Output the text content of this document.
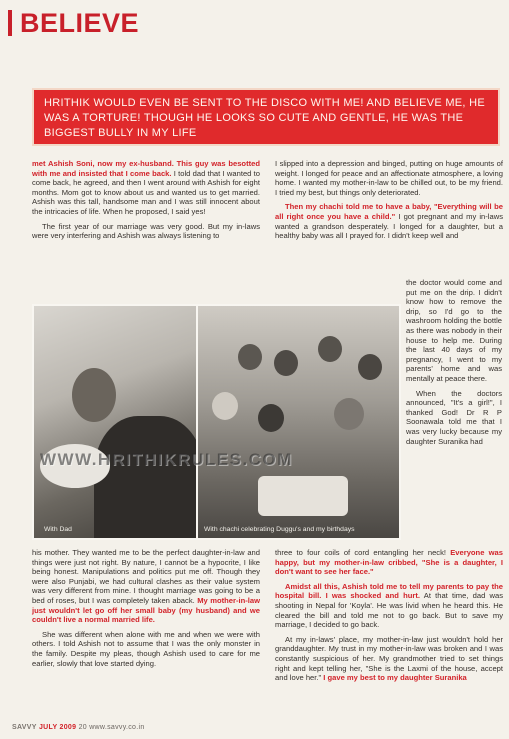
BELIEVE

HRITHIK WOULD EVEN BE SENT TO THE DISCO WITH ME! AND BELIEVE ME, HE WAS A TORTURE! THOUGH HE LOOKS SO CUTE AND GENTLE, HE WAS THE BIGGEST BULLY IN MY LIFE

met Ashish Soni, now my ex-husband. This guy was besotted with me and insisted that I come back. I told dad that I wanted to come back, he agreed, and then I went around with Ashish for eight months. Mom got to know about us and wanted us to get married. Ashish was this tall, handsome man and I was still innocent about the intricacies of life. When he proposed, I said yes!

The first year of our marriage was very good. But my in-laws were very interfering and Ashish was always listening to

I slipped into a depression and binged, putting on huge amounts of weight. I longed for peace and an affectionate atmosphere, a loving home. I wanted my mother-in-law to be chilled out, to be my friend. I tried my best, but things only deteriorated.

Then my chachi told me to have a baby, "Everything will be all right once you have a child." I got pregnant and my in-laws wanted a grandson desperately. I longed for a daughter, but a healthy baby was all I prayed for. I didn't keep well and

the doctor would come and put me on the drip. I didn't know how to remove the drip, so I'd go to the washroom holding the bottle as there was nobody in their house to help me. During the last 40 days of my pregnancy, I went to my parents' home and was mentally at peace there.

When the doctors announced, "It's a girl!", I thanked God! Dr R P Soonawala told me that I was very lucky because my daughter Suranika had

With Dad	With chachi celebrating Duggu's and my birthdays
WWW.HRITHIKRULES.COM

his mother. They wanted me to be the perfect daughter-in-law and things were just not right. By nature, I cannot be a hypocrite, I like being honest. Manipulations and politics put me off. Though they were also Punjabi, we had cultural clashes as their value system was very different from mine. I thought marriage was going to be a bed of roses, but I was completely taken aback. My mother-in-law just wouldn't let go off her small baby (my husband) and we couldn't live a normal married life.

She was different when alone with me and when we were with others. I told Ashish not to assume that I was the only monster in the family. Despite my pleas, though Ashish used to care for me earlier, slowly that love started dying.

three to four coils of cord entangling her neck! Everyone was happy, but my mother-in-law cribbed, "She is a daughter, I don't want to see her face."

Amidst all this, Ashish told me to tell my parents to pay the hospital bill. I was shocked and hurt. At that time, dad was shooting in Nepal for 'Koyla'. He was livid when he heard this. He cleared the bill and told me not to go back. But to save my marriage, I decided to go back.

At my in-laws' place, my mother-in-law just wouldn't hold her granddaughter. My trust in my mother-in-law was broken and I was constantly suspicious of her. My grandmother tried to set things right and kept telling her, "She is the Laxmi of the house, accept and love her." I gave my best to my daughter Suranika

SAVVY JULY 2009 20 www.savvy.co.in
